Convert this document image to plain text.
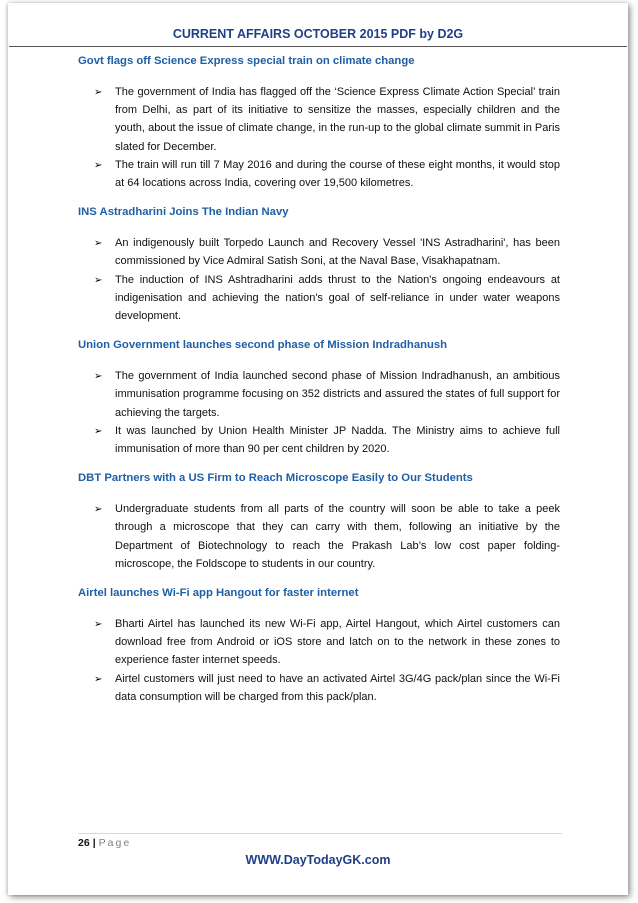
CURRENT AFFAIRS OCTOBER 2015 PDF by D2G
Govt flags off Science Express special train on climate change
➢ The government of India has flagged off the ‘Science Express Climate Action Special’ train from Delhi, as part of its initiative to sensitize the masses, especially children and the youth, about the issue of climate change, in the run-up to the global climate summit in Paris slated for December.
➢ The train will run till 7 May 2016 and during the course of these eight months, it would stop at 64 locations across India, covering over 19,500 kilometres.
INS Astradharini Joins The Indian Navy
➢ An indigenously built Torpedo Launch and Recovery Vessel 'INS Astradharini', has been commissioned by Vice Admiral Satish Soni, at the Naval Base, Visakhapatnam.
➢ The induction of INS Ashtradharini adds thrust to the Nation's ongoing endeavours at indigenisation and achieving the nation's goal of self-reliance in under water weapons development.
Union Government launches second phase of Mission Indradhanush
➢ The government of India launched second phase of Mission Indradhanush, an ambitious immunisation programme focusing on 352 districts and assured the states of full support for achieving the targets.
➢ It was launched by Union Health Minister JP Nadda. The Ministry aims to achieve full immunisation of more than 90 per cent children by 2020.
DBT Partners with a US Firm to Reach Microscope Easily to Our Students
➢ Undergraduate students from all parts of the country will soon be able to take a peek through a microscope that they can carry with them, following an initiative by the Department of Biotechnology to reach the Prakash Lab’s low cost paper folding-microscope, the Foldscope to students in our country.
Airtel launches Wi-Fi app Hangout for faster internet
➢ Bharti Airtel has launched its new Wi-Fi app, Airtel Hangout, which Airtel customers can download free from Android or iOS store and latch on to the network in these zones to experience faster internet speeds.
➢ Airtel customers will just need to have an activated Airtel 3G/4G pack/plan since the Wi-Fi data consumption will be charged from this pack/plan.
26 | Page
WWW.DayTodayGK.com
